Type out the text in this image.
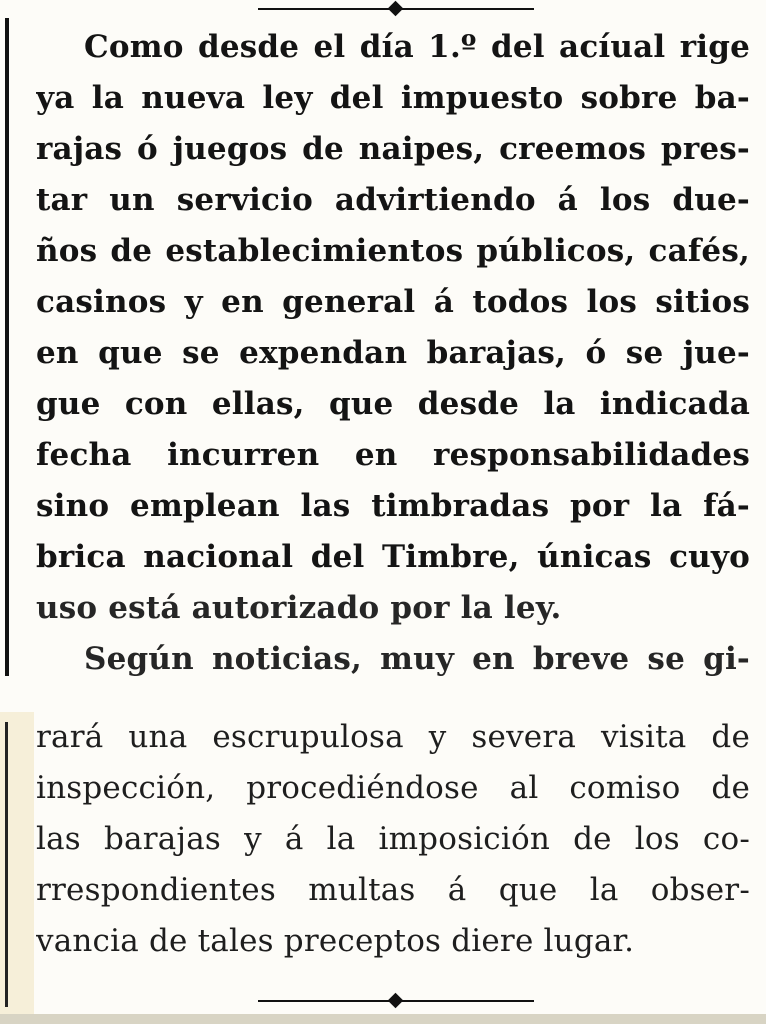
Como desde el día 1.º del acíual rige
ya la nueva ley del impuesto sobre ba-
rajas ó juegos de naipes, creemos pres-
tar un servicio advirtiendo á los due-
ños de establecimientos públicos, cafés,
casinos y en general á todos los sitios
en que se expendan barajas, ó se jue-
gue con ellas, que desde la indicada
fecha incurren en responsabilidades
sino emplean las timbradas por la fá-
brica nacional del Timbre, únicas cuyo
uso está autorizado por la ley.
Según noticias, muy en breve se gi-
rará una escrupulosa y severa visita de
inspección, procediéndose al comiso de
las barajas y á la imposición de los co-
rrespondientes multas á que la obser-
vancia de tales preceptos diere lugar.
